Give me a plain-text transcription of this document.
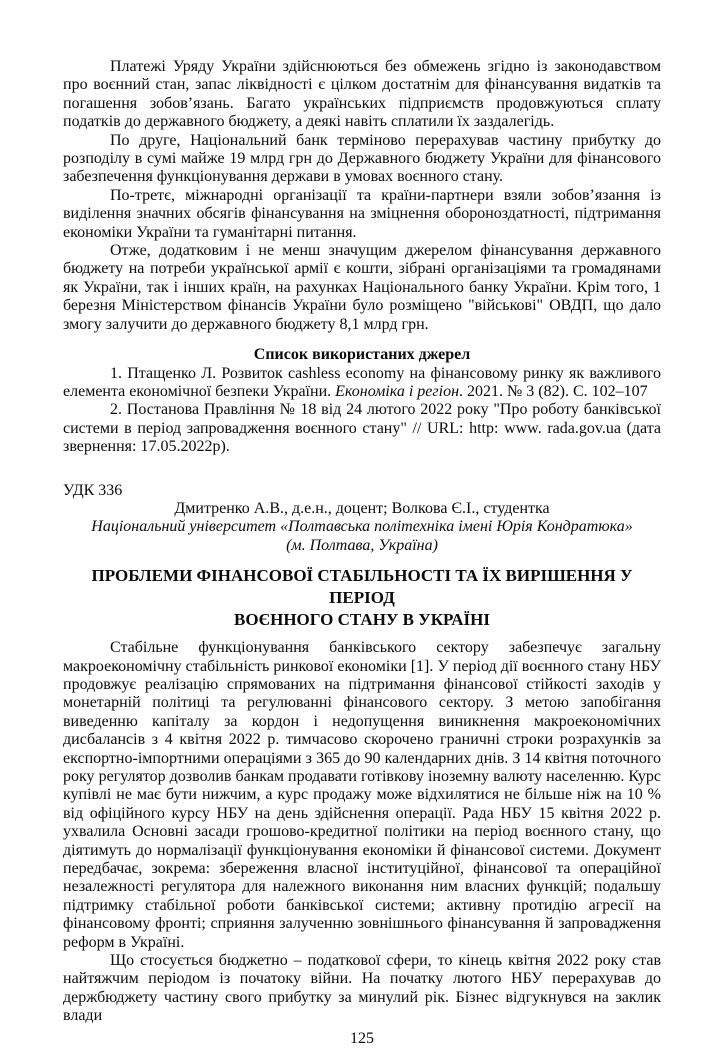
Платежі Уряду України здійснюються без обмежень згідно із законодавством про воєнний стан, запас ліквідності є цілком достатнім для фінансування видатків та погашення зобов’язань. Багато українських підприємств продовжуються сплату податків до державного бюджету, а деякі навіть сплатили їх заздалегідь.

По друге, Національний банк терміново перерахував частину прибутку до розподілу в сумі майже 19 млрд грн до Державного бюджету України для фінансового забезпечення функціонування держави в умовах воєнного стану.

По-третє, міжнародні організації та країни-партнери взяли зобов’язання із виділення значних обсягів фінансування на зміцнення обороноздатності, підтримання економіки України та гуманітарні питання.

Отже, додатковим і не менш значущим джерелом фінансування державного бюджету на потреби української армії є кошти, зібрані організаціями та громадянами як України, так і інших країн, на рахунках Національного банку України. Крім того, 1 березня Міністерством фінансів України було розміщено "військові" ОВДП, що дало змогу залучити до державного бюджету 8,1 млрд грн.

Список використаних джерел

1. Птащенко Л. Розвиток cashless economy на фінансовому ринку як важливого елемента економічної безпеки України. Економіка і регіон. 2021. № 3 (82). С. 102–107

2. Постанова Правління № 18 від 24 лютого 2022 року "Про роботу банківської системи в період запровадження воєнного стану" // URL: http: www. rada.gov.ua (дата звернення: 17.05.2022р).

УДК 336

Дмитренко А.В., д.е.н., доцент; Волкова Є.І., студентка

Національний університет «Полтавська політехніка імені Юрія Кондратюка»

(м. Полтава, Україна)

ПРОБЛЕМИ ФІНАНСОВОЇ СТАБІЛЬНОСТІ ТА ЇХ ВИРІШЕННЯ У ПЕРІОД
ВОЄННОГО СТАНУ В УКРАЇНІ

Стабільне функціонування банківського сектору забезпечує загальну макроекономічну стабільність ринкової економіки [1]. У період дії воєнного стану НБУ продовжує реалізацію спрямованих на підтримання фінансової стійкості заходів у монетарній політиці та регулюванні фінансового сектору. З метою запобігання виведенню капіталу за кордон і недопущення виникнення макроекономічних дисбалансів з 4 квітня 2022 р. тимчасово скорочено граничні строки розрахунків за експортно-імпортними операціями з 365 до 90 календарних днів. З 14 квітня поточного року регулятор дозволив банкам продавати готівкову іноземну валюту населенню. Курс купівлі не має бути нижчим, а курс продажу може відхилятися не більше ніж на 10 % від офіційного курсу НБУ на день здійснення операції. Рада НБУ 15 квітня 2022 р. ухвалила Основні засади грошово-кредитної політики на період воєнного стану, що діятимуть до нормалізації функціонування економіки й фінансової системи. Документ передбачає, зокрема: збереження власної інституційної, фінансової та операційної незалежності регулятора для належного виконання ним власних функцій; подальшу підтримку стабільної роботи банківської системи; активну протидію агресії на фінансовому фронті; сприяння залученню зовнішнього фінансування й запровадження реформ в Україні.

Що стосується бюджетно – податкової сфери, то кінець квітня 2022 року став найтяжчим періодом із початоку війни. На початку лютого НБУ перерахував до держбюджету частину свого прибутку за минулий рік. Бізнес відгукнувся на заклик влади

125
